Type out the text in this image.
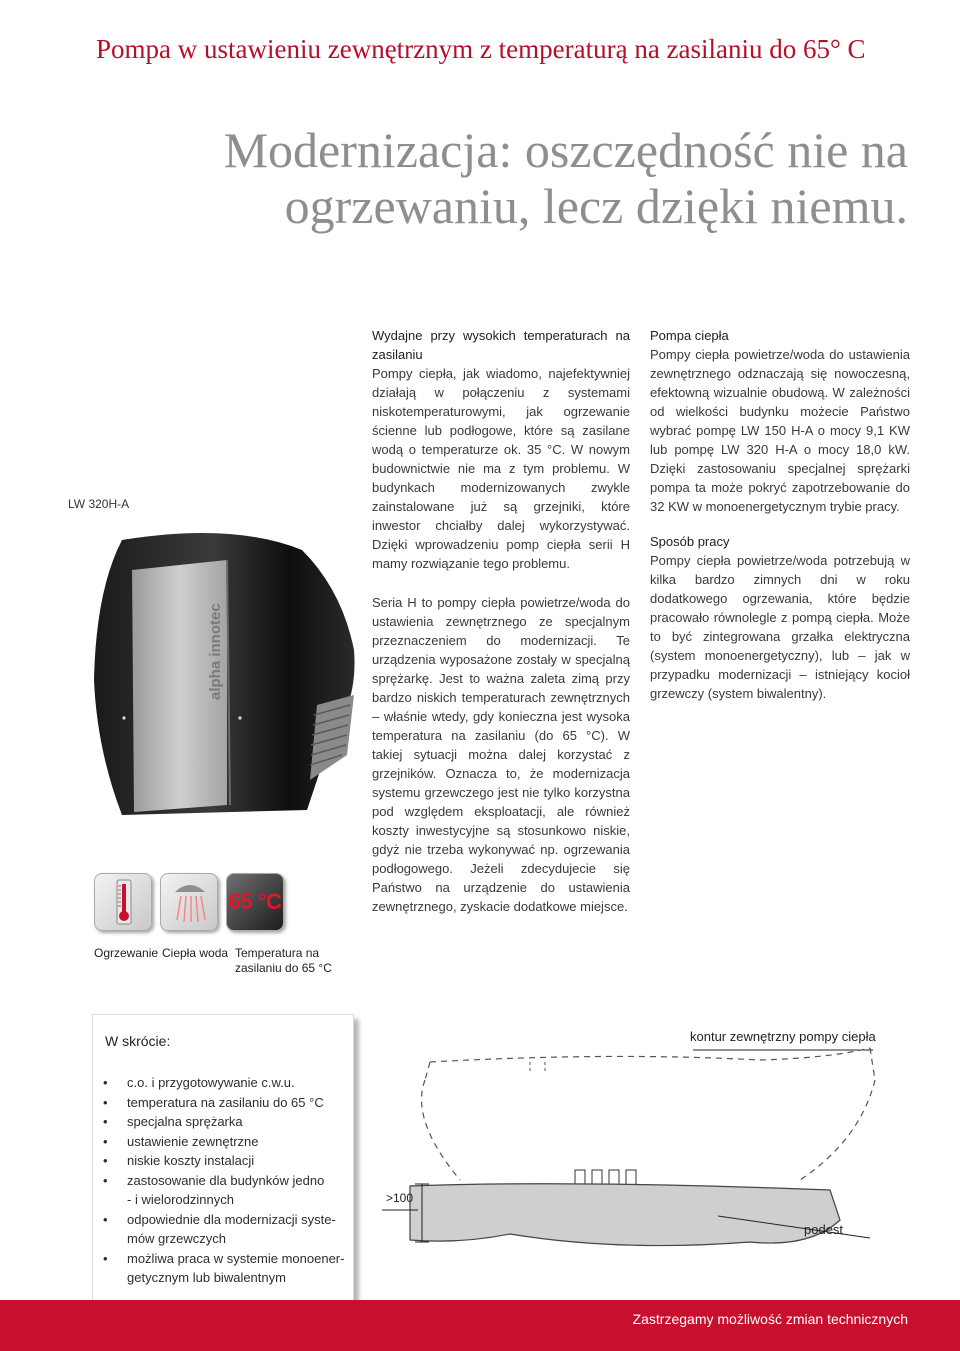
Pompa w ustawieniu zewnętrznym z temperaturą na zasilaniu do 65° C
Modernizacja: oszczędność nie na
ogrzewaniu, lecz dzięki niemu.
LW 320H-A
alpha innotec
65 °C
Ogrzewanie Ciepła woda Temperatura na
zasilaniu do 65 °C

Wydajne przy wysokich temperaturach na zasilaniu

Pompy ciepła, jak wiadomo, najefektywniej działają w połączeniu z systemami niskotemperaturowymi, jak ogrzewanie ścienne lub podłogowe, które są zasilane wodą o temperaturze ok. 35 °C. W nowym budownictwie nie ma z tym problemu. W budynkach modernizowanych zwykle zainstalowane już są grzejniki, które inwestor chciałby dalej wykorzystywać. Dzięki wprowadzeniu pomp ciepła serii H mamy rozwiązanie tego problemu.

Seria H to pompy ciepła powietrze/woda do ustawienia zewnętrznego ze specjalnym przeznaczeniem do modernizacji. Te urządzenia wyposażone zostały w specjalną sprężarkę. Jest to ważna zaleta zimą przy bardzo niskich temperaturach zewnętrznych – właśnie wtedy, gdy konieczna jest wysoka temperatura na zasilaniu (do 65 °C). W takiej sytuacji można dalej korzystać z grzejników. Oznacza to, że modernizacja systemu grzewczego jest nie tylko korzystna pod względem eksploatacji, ale również koszty inwestycyjne są stosunkowo niskie, gdyż nie trzeba wykonywać np. ogrzewania podłogowego. Jeżeli zdecydujecie się Państwo na urządzenie do ustawienia zewnętrznego, zyskacie dodatkowe miejsce.

Pompa ciepła

Pompy ciepła powietrze/woda do ustawienia zewnętrznego odznaczają się nowoczesną, efektowną wizualnie obudową. W zależności od wielkości budynku możecie Państwo wybrać pompę LW 150 H-A o mocy 9,1 KW lub pompę LW 320 H-A o mocy 18,0 kW. Dzięki zastosowaniu specjalnej sprężarki pompa ta może pokryć zapotrzebowanie do 32 KW w monoenergetycznym trybie pracy.

Sposób pracy

Pompy ciepła powietrze/woda potrzebują w kilka bardzo zimnych dni w roku dodatkowego ogrzewania, które będzie pracowało równolegle z pompą ciepła. Może to być zintegrowana grzałka elektryczna (system monoenergetyczny), lub – jak w przypadku modernizacji – istniejący kocioł grzewczy (system biwalentny).

W skrócie:
• c.o. i przygotowywanie c.w.u.
• temperatura na zasilaniu do 65 °C
• specjalna sprężarka
• ustawienie zewnętrzne
• niskie koszty instalacji
• zastosowanie dla budynków jedno
- i wielorodzinnych
• odpowiednie dla modernizacji syste-
mów grzewczych
• możliwa praca w systemie monoener-
getycznym lub biwalentnym
kontur zewnętrzny pompy ciepła
>100
podest
Zastrzegamy możliwość zmian technicznych
